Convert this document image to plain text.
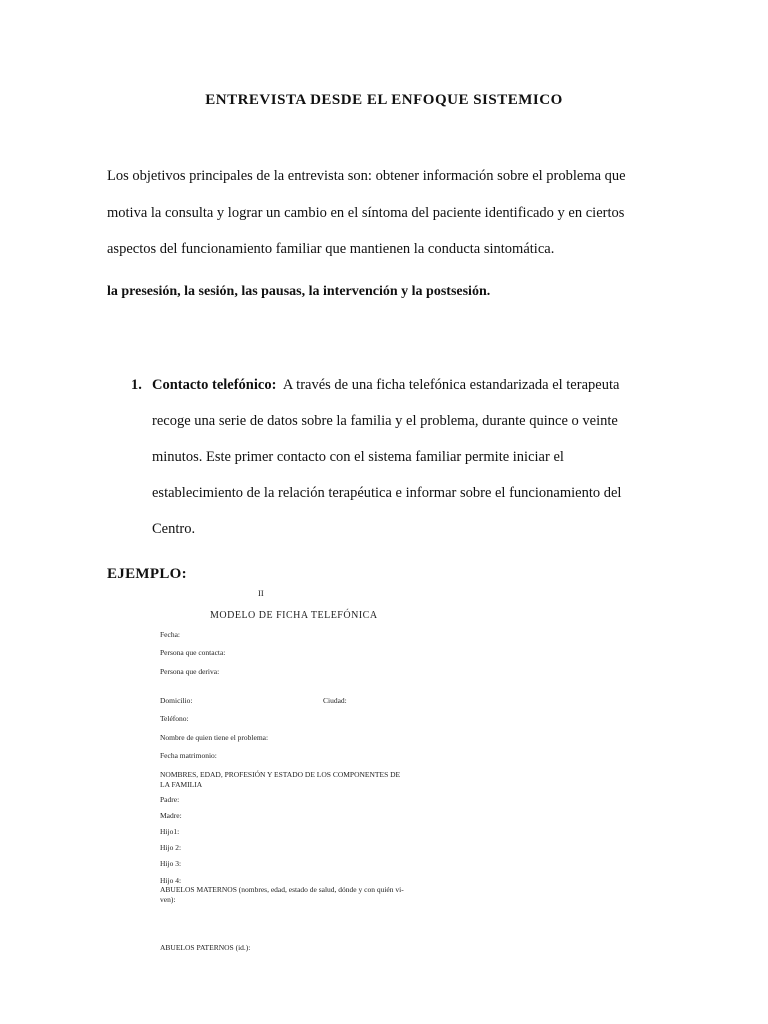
ENTREVISTA DESDE EL ENFOQUE SISTEMICO
Los objetivos principales de la entrevista son: obtener información sobre el problema que
motiva la consulta y lograr un cambio en el síntoma del paciente identificado y en ciertos
aspectos del funcionamiento familiar que mantienen la conducta sintomática.
la presesión, la sesión, las pausas, la intervención y la postsesión.
1. Contacto telefónico: A través de una ficha telefónica estandarizada el terapeuta
recoge una serie de datos sobre la familia y el problema, durante quince o veinte
minutos. Este primer contacto con el sistema familiar permite iniciar el
establecimiento de la relación terapéutica e informar sobre el funcionamiento del
Centro.
EJEMPLO:
II
MODELO DE FICHA TELEFÓNICA
Fecha:
Persona que contacta:
Persona que deriva:
Domicilio:	Ciudad:
Teléfono:
Nombre de quien tiene el problema:
Fecha matrimonio:
NOMBRES, EDAD, PROFESIÓN Y ESTADO DE LOS COMPONENTES DE
LA FAMILIA
Padre:
Madre:
Hijo1:
Hijo 2:
Hijo 3:
Hijo 4:
ABUELOS MATERNOS (nombres, edad, estado de salud, dónde y con quién vi-
ven):
ABUELOS PATERNOS (id.):
